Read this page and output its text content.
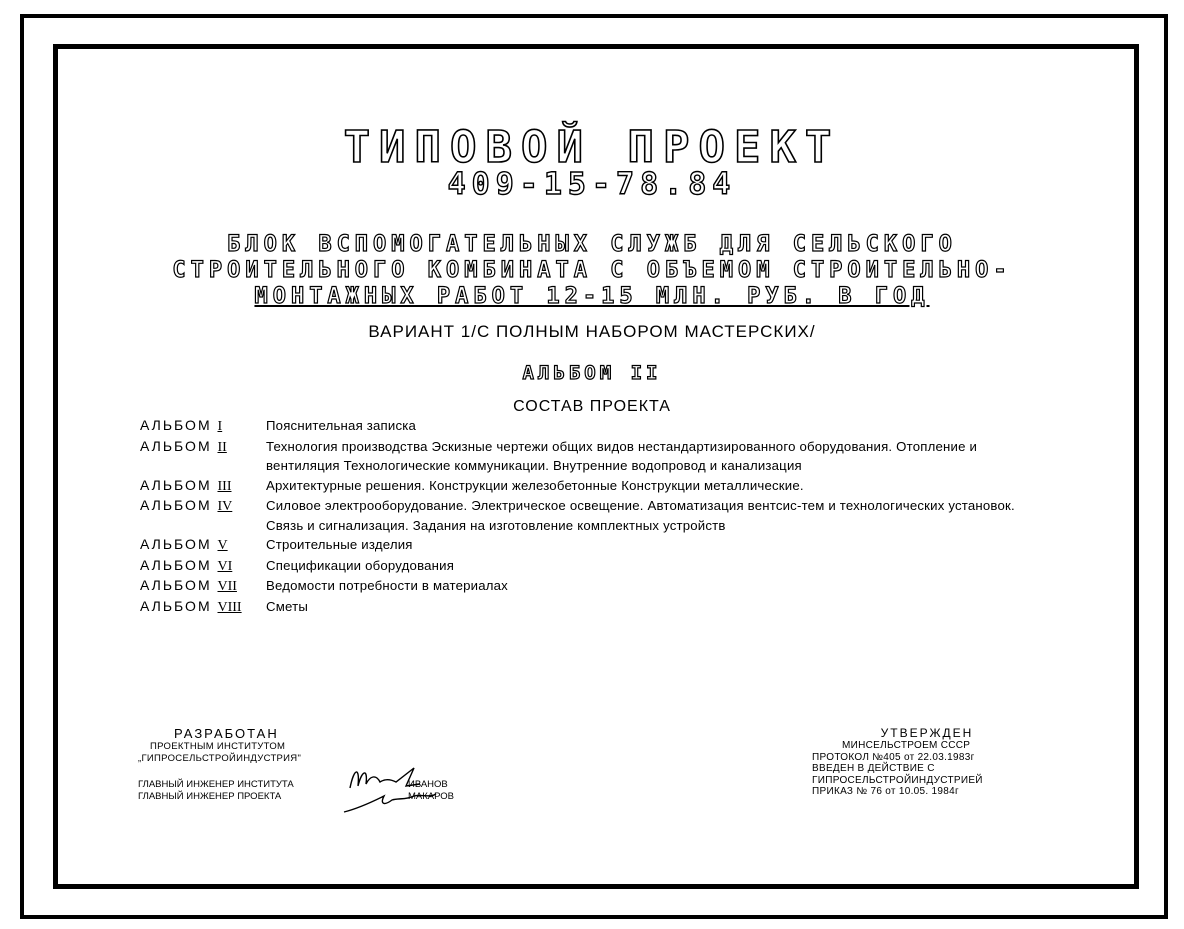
ТИПОВОЙ ПРОЕКТ
409-15-78.84
БЛОК ВСПОМОГАТЕЛЬНЫХ СЛУЖБ ДЛЯ СЕЛЬСКОГО
СТРОИТЕЛЬНОГО КОМБИНАТА С ОБЪЕМОМ СТРОИТЕЛЬНО-
МОНТАЖНЫХ РАБОТ 12-15 МЛН. РУБ. В ГОД
ВАРИАНТ 1/С ПОЛНЫМ НАБОРОМ МАСТЕРСКИХ/
АЛЬБОМ II
СОСТАВ ПРОЕКТА
АЛЬБОМ I	Пояснительная записка
АЛЬБОМ II	Технология производства Эскизные чертежи общих видов нестандартизированного оборудования. Отопление и вентиляция Технологические коммуникации. Внутренние водопровод и канализация
АЛЬБОМ III	Архитектурные решения. Конструкции железобетонные Конструкции металлические.
АЛЬБОМ IV	Силовое электрооборудование. Электрическое освещение. Автоматизация вентсис-тем и технологических установок. Связь и сигнализация. Задания на изготовление комплектных устройств
АЛЬБОМ V	Строительные изделия
АЛЬБОМ VI	Спецификации оборудования
АЛЬБОМ VII	Ведомости потребности в материалах
АЛЬБОМ VIII	Сметы
РАЗРАБОТАН
ПРОЕКТНЫМ ИНСТИТУТОМ
„ГИПРОСЕЛЬСТРОЙИНДУСТРИЯ"
ГЛАВНЫЙ ИНЖЕНЕР ИНСТИТУТА	ИВАНОВ
ГЛАВНЫЙ ИНЖЕНЕР ПРОЕКТА	МАКАРОВ
УТВЕРЖДЕН
МИНСЕЛЬСТРОЕМ СССР
ПРОТОКОЛ №405 от 22.03.1983г
ВВЕДЕН В ДЕЙСТВИЕ С
ГИПРОСЕЛЬСТРОЙИНДУСТРИЕЙ
ПРИКАЗ № 76 от 10.05. 1984г
